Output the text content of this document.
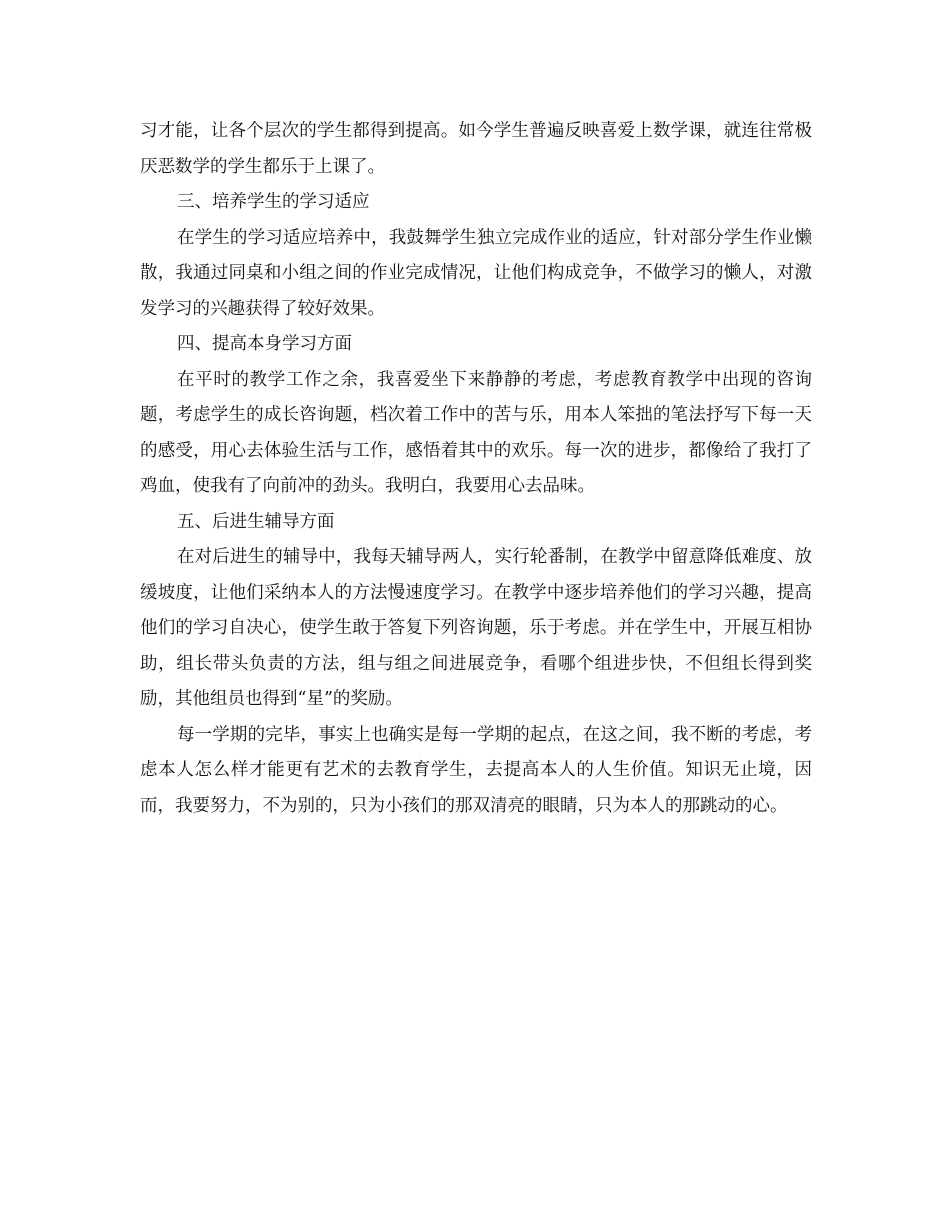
习才能，让各个层次的学生都得到提高。如今学生普遍反映喜爱上数学课，就连往常极厌恶数学的学生都乐于上课了。

三、培养学生的学习适应

在学生的学习适应培养中，我鼓舞学生独立完成作业的适应，针对部分学生作业懒散，我通过同桌和小组之间的作业完成情况，让他们构成竞争，不做学习的懒人，对激发学习的兴趣获得了较好效果。

四、提高本身学习方面

在平时的教学工作之余，我喜爱坐下来静静的考虑，考虑教育教学中出现的咨询题，考虑学生的成长咨询题，档次着工作中的苦与乐，用本人笨拙的笔法抒写下每一天的感受，用心去体验生活与工作，感悟着其中的欢乐。每一次的进步，都像给了我打了鸡血，使我有了向前冲的劲头。我明白，我要用心去品味。

五、后进生辅导方面

在对后进生的辅导中，我每天辅导两人，实行轮番制，在教学中留意降低难度、放缓坡度，让他们采纳本人的方法慢速度学习。在教学中逐步培养他们的学习兴趣，提高他们的学习自决心，使学生敢于答复下列咨询题，乐于考虑。并在学生中，开展互相协助，组长带头负责的方法，组与组之间进展竞争，看哪个组进步快，不但组长得到奖励，其他组员也得到“星”的奖励。

每一学期的完毕，事实上也确实是每一学期的起点，在这之间，我不断的考虑，考虑本人怎么样才能更有艺术的去教育学生，去提高本人的人生价值。知识无止境，因而，我要努力，不为别的，只为小孩们的那双清亮的眼睛，只为本人的那跳动的心。
